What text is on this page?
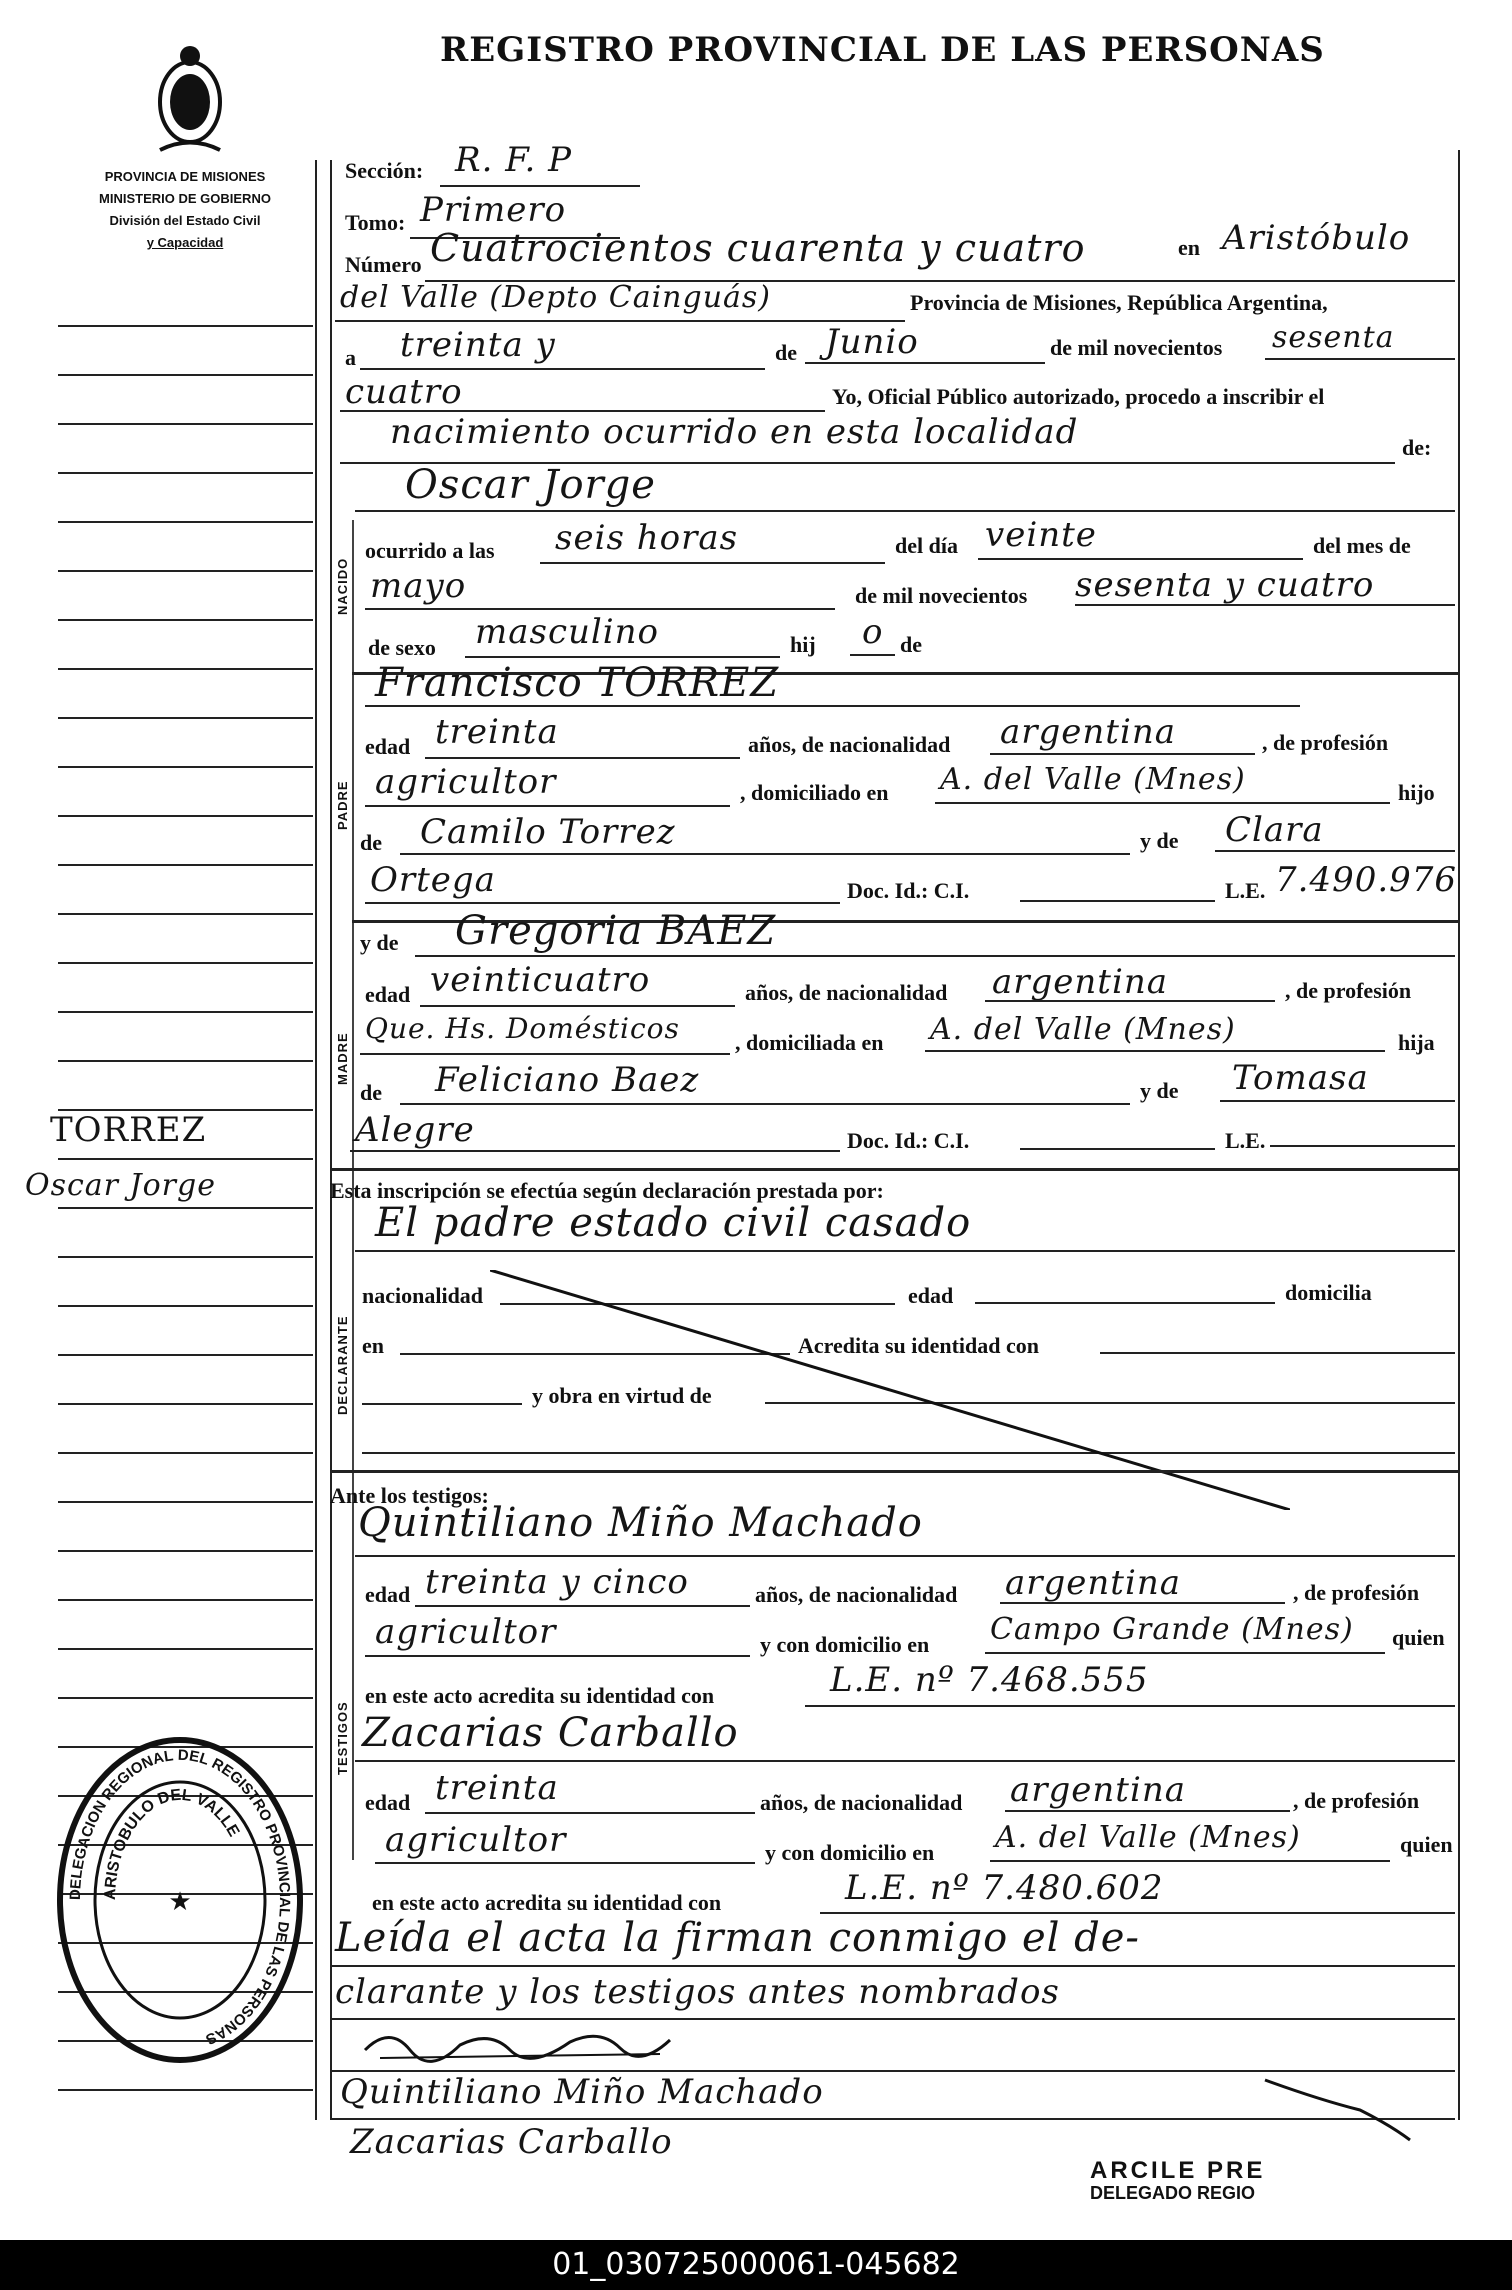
REGISTRO PROVINCIAL DE LAS PERSONAS
PROVINCIA DE MISIONES
MINISTERIO DE GOBIERNO
División del Estado Civil
y Capacidad
TORREZ
Oscar Jorge
Sección: R. F. P
Tomo: Primero
Número Cuatrocientos cuarenta y cuatro	en Aristóbulo
del Valle (Depto Cainguás)	Provincia de Misiones, República Argentina,
a treinta y	de Junio	de mil novecientos sesenta
cuatro	Yo, Oficial Público autorizado, procedo a inscribir el
nacimiento ocurrido en esta localidad	de:
Oscar Jorge
NACIDO
ocurrido a las seis horas	del día veinte	del mes de
mayo	de mil novecientos sesenta y cuatro
de sexo masculino	hij o de
PADRE
Francisco TORREZ
edad treinta	años, de nacionalidad argentina	, de profesión
agricultor	, domiciliado en A. del Valle (Mnes)	hijo
de Camilo Torrez	y de Clara
Ortega	Doc. Id.: C.I.	L.E. 7.490.976
MADRE
y de Gregoria BAEZ
edad veinticuatro	años, de nacionalidad argentina	, de profesión
Que. Hs. Domésticos	, domiciliada en A. del Valle (Mnes)	hija
de Feliciano Baez	y de Tomasa
Alegre	Doc. Id.: C.I.	L.E.
Esta inscripción se efectúa según declaración prestada por:
El padre estado civil casado
DECLARANTE
nacionalidad	edad	domicilia
en	Acredita su identidad con
y obra en virtud de
Ante los testigos:
TESTIGOS
Quintiliano Miño Machado
edad treinta y cinco	años, de nacionalidad argentina	, de profesión
agricultor	y con domicilio en Campo Grande (Mnes) quien
en este acto acredita su identidad con	L.E. nº 7.468.555
Zacarias Carballo
edad treinta	años, de nacionalidad argentina	, de profesión
agricultor	y con domicilio en A. del Valle (Mnes)	quien
en este acto acredita su identidad con	L.E. nº 7.480.602
Leída el acta la firman conmigo el de-
clarante y los testigos antes nombrados
Quintiliano Miño Machado
Zacarias Carballo
DELEGACION REGIONAL DEL REGISTRO PROVINCIAL DE LAS PERSONAS
ARISTOBULO DEL VALLE
★
ARCILE PRE
DELEGADO REGIO
01_030725000061-045682
